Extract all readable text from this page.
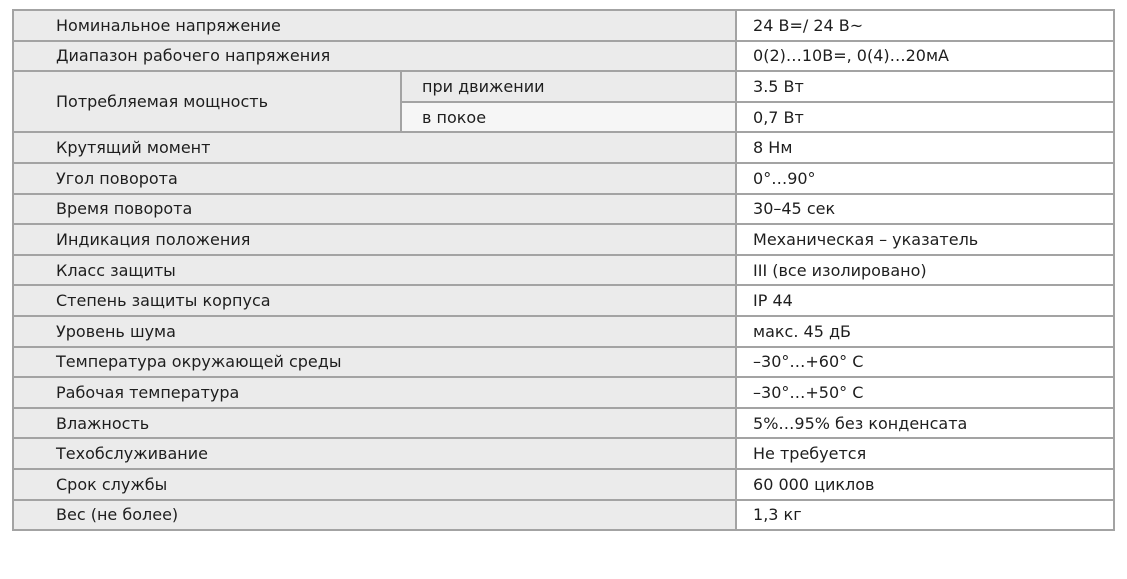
Номинальное напряжение		24 В=/ 24 В~
Диапазон рабочего напряжения		0(2)…10В=, 0(4)…20мА
Потребляемая мощность	при движении	3.5 Вт
	в покое	0,7 Вт
Крутящий момент		8 Нм
Угол поворота		0°…90°
Время поворота		30–45 сек
Индикация положения		Механическая – указатель
Класс защиты		III (все изолировано)
Степень защиты корпуса		IP 44
Уровень шума		макс. 45 дБ
Температура окружающей среды		–30°…+60° С
Рабочая температура		–30°…+50° С
Влажность		5%…95% без конденсата
Техобслуживание		Не требуется
Срок службы		60 000 циклов
Вес (не более)		1,3 кг
